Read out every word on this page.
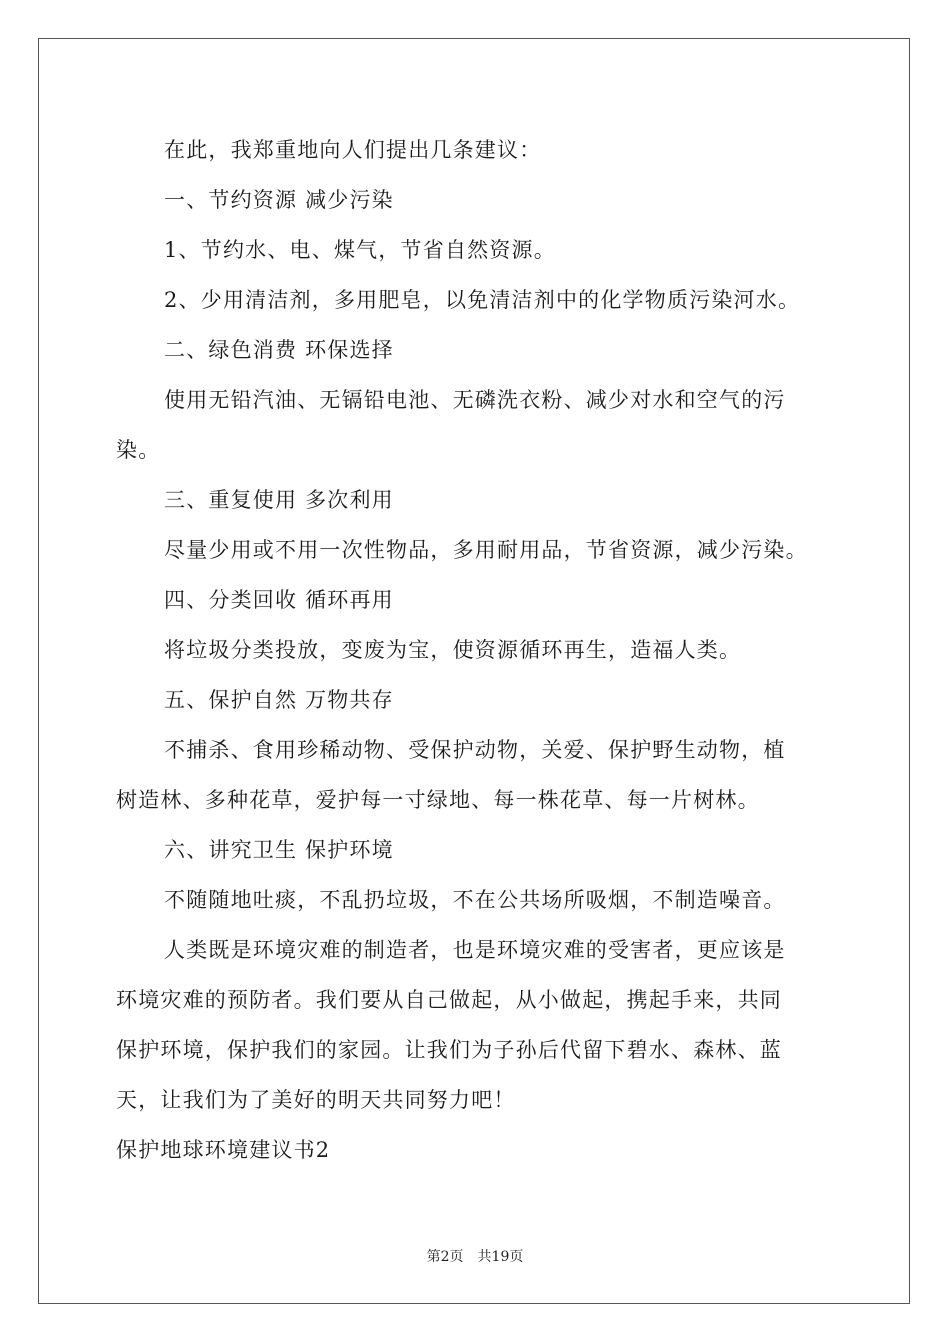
在此，我郑重地向人们提出几条建议：
一、节约资源 减少污染
1、节约水、电、煤气，节省自然资源。
2、少用清洁剂，多用肥皂，以免清洁剂中的化学物质污染河水。
二、绿色消费 环保选择
使用无铅汽油、无镉铅电池、无磷洗衣粉、减少对水和空气的污
染。
三、重复使用 多次利用
尽量少用或不用一次性物品，多用耐用品，节省资源，减少污染。
四、分类回收 循环再用
将垃圾分类投放，变废为宝，使资源循环再生，造福人类。
五、保护自然 万物共存
不捕杀、食用珍稀动物、受保护动物，关爱、保护野生动物，植
树造林、多种花草，爱护每一寸绿地、每一株花草、每一片树林。
六、讲究卫生 保护环境
不随随地吐痰，不乱扔垃圾，不在公共场所吸烟，不制造噪音。
人类既是环境灾难的制造者，也是环境灾难的受害者，更应该是
环境灾难的预防者。我们要从自己做起，从小做起，携起手来，共同
保护环境，保护我们的家园。让我们为子孙后代留下碧水、森林、蓝
天，让我们为了美好的明天共同努力吧！
保护地球环境建议书2
第2页 共19页
